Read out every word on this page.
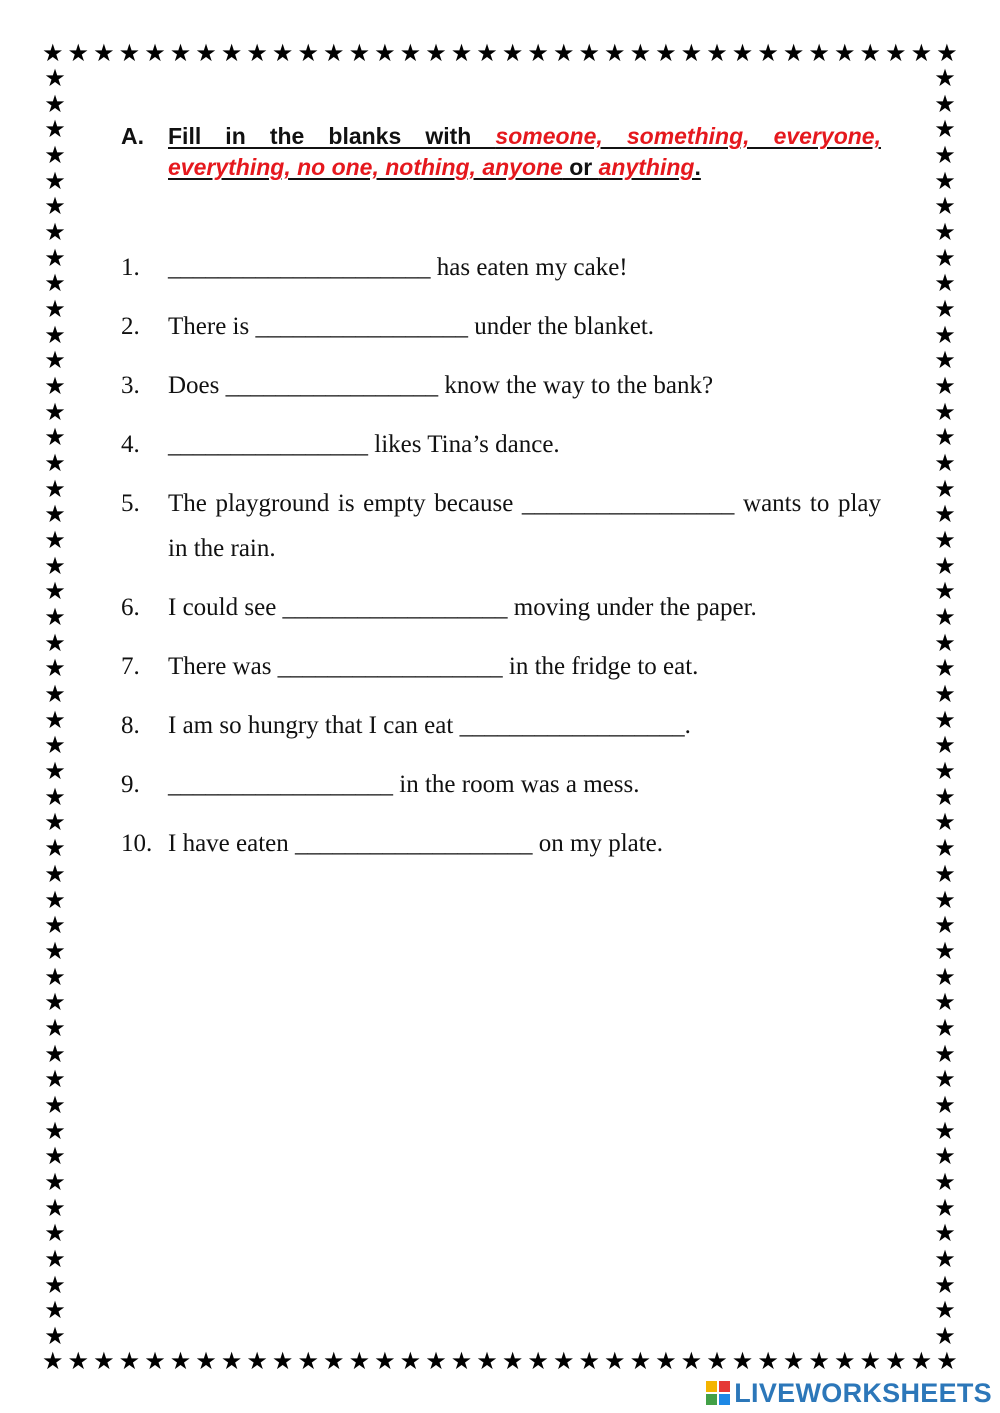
★ ★ ★ ★ ★ ★ ★ ★ ★ ★ ★ ★ ★ ★ ★ ★ ★ ★ ★ ★ ★ ★ ★ ★ ★ ★ ★ ★ ★ ★ ★ ★ ★ ★ ★ ★
★ ★ ★ ★ ★ ★ ★ ★ ★ ★ ★ ★ ★ ★ ★ ★ ★ ★ ★ ★ ★ ★ ★ ★ ★ ★ ★ ★ ★ ★ ★ ★ ★ ★ ★ ★
★
★
★
★
★
★
★
★
★
★
★
★
★
★
★
★
★
★
★
★
★
★
★
★
★
★
★
★
★
★
★
★
★
★
★
★
★
★
★
★
★
★
★
★
★
★
★
★
★
★
★
★
★
★
★
★
★
★
★
★
★
★
★
★
★
★
★
★
★
★
★
★
★
★
★
★
★
★
★
★
★
★
★
★
★
★
★
★
★
★
★
★
★
★
★
★
★
★
★
★
A. Fill in the blanks with someone, something, everyone, everything, no one, nothing, anyone or anything.
1. _____________________ has eaten my cake!
2. There is _________________ under the blanket.
3. Does _________________ know the way to the bank?
4. ________________ likes Tina’s dance.
5. The playground is empty because _________________ wants to play in the rain.
6. I could see __________________ moving under the paper.
7. There was __________________ in the fridge to eat.
8. I am so hungry that I can eat __________________.
9. __________________ in the room was a mess.
10. I have eaten ___________________ on my plate.
LIVEWORKSHEETS
